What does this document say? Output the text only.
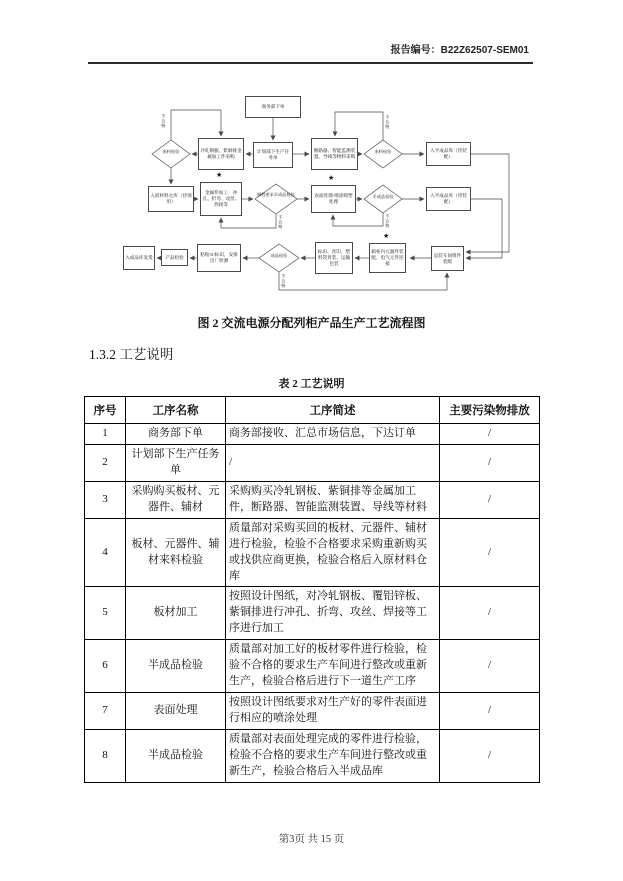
报告编号：B22Z62507-SEM01
商务部下单
计划部下生产任务单
冷轧钢板、紫铜排金属加工件采购
断路器、智能监测装置、导线等物料采购
入半成品库（待装配）
入原材料仓库（待领用）
金属件加工：冲孔、折弯、攻丝、焊接等
表面处理-喷涂喷塑处理
入半成品库（待装配）
入成品库发货	产品检验	粘贴3C标识，安排出厂检测
标识、丝印、塑料袋封装、运输包装
箱柜内元器件装配、电气元件连接
总装车间组件装配
来料检验	来料检验
制程要求半成品检验	半成品检验
成品检验
不合格	不合格
不合格	不合格
不合格
★	★
★
图 2 交流电源分配列柜产品生产工艺流程图
1.3.2 工艺说明
表 2 工艺说明
序号	工序名称	工序简述	主要污染物排放
1	商务部下单	商务部接收、汇总市场信息，下达订单	/
2	计划部下生产任务单	/	/
3	采购购买板材、元器件、辅材	采购购买冷轧钢板、紫铜排等金属加工件，断路器、智能监测装置、导线等材料	/
4	板材、元器件、辅材来料检验	质量部对采购买回的板材、元器件、辅材进行检验，检验不合格要求采购重新购买或找供应商更换，检验合格后入原材料仓库	/
5	板材加工	按照设计图纸，对冷轧钢板、覆铝锌板、紫铜排进行冲孔、折弯、攻丝、焊接等工序进行加工	/
6	半成品检验	质量部对加工好的板材零件进行检验，检验不合格的要求生产车间进行整改或重新生产，检验合格后进行下一道生产工序	/
7	表面处理	按照设计图纸要求对生产好的零件表面进行相应的喷涂处理	/
8	半成品检验	质量部对表面处理完成的零件进行检验，检验不合格的要求生产车间进行整改或重新生产，检验合格后入半成品库	/
第3页 共 15 页
